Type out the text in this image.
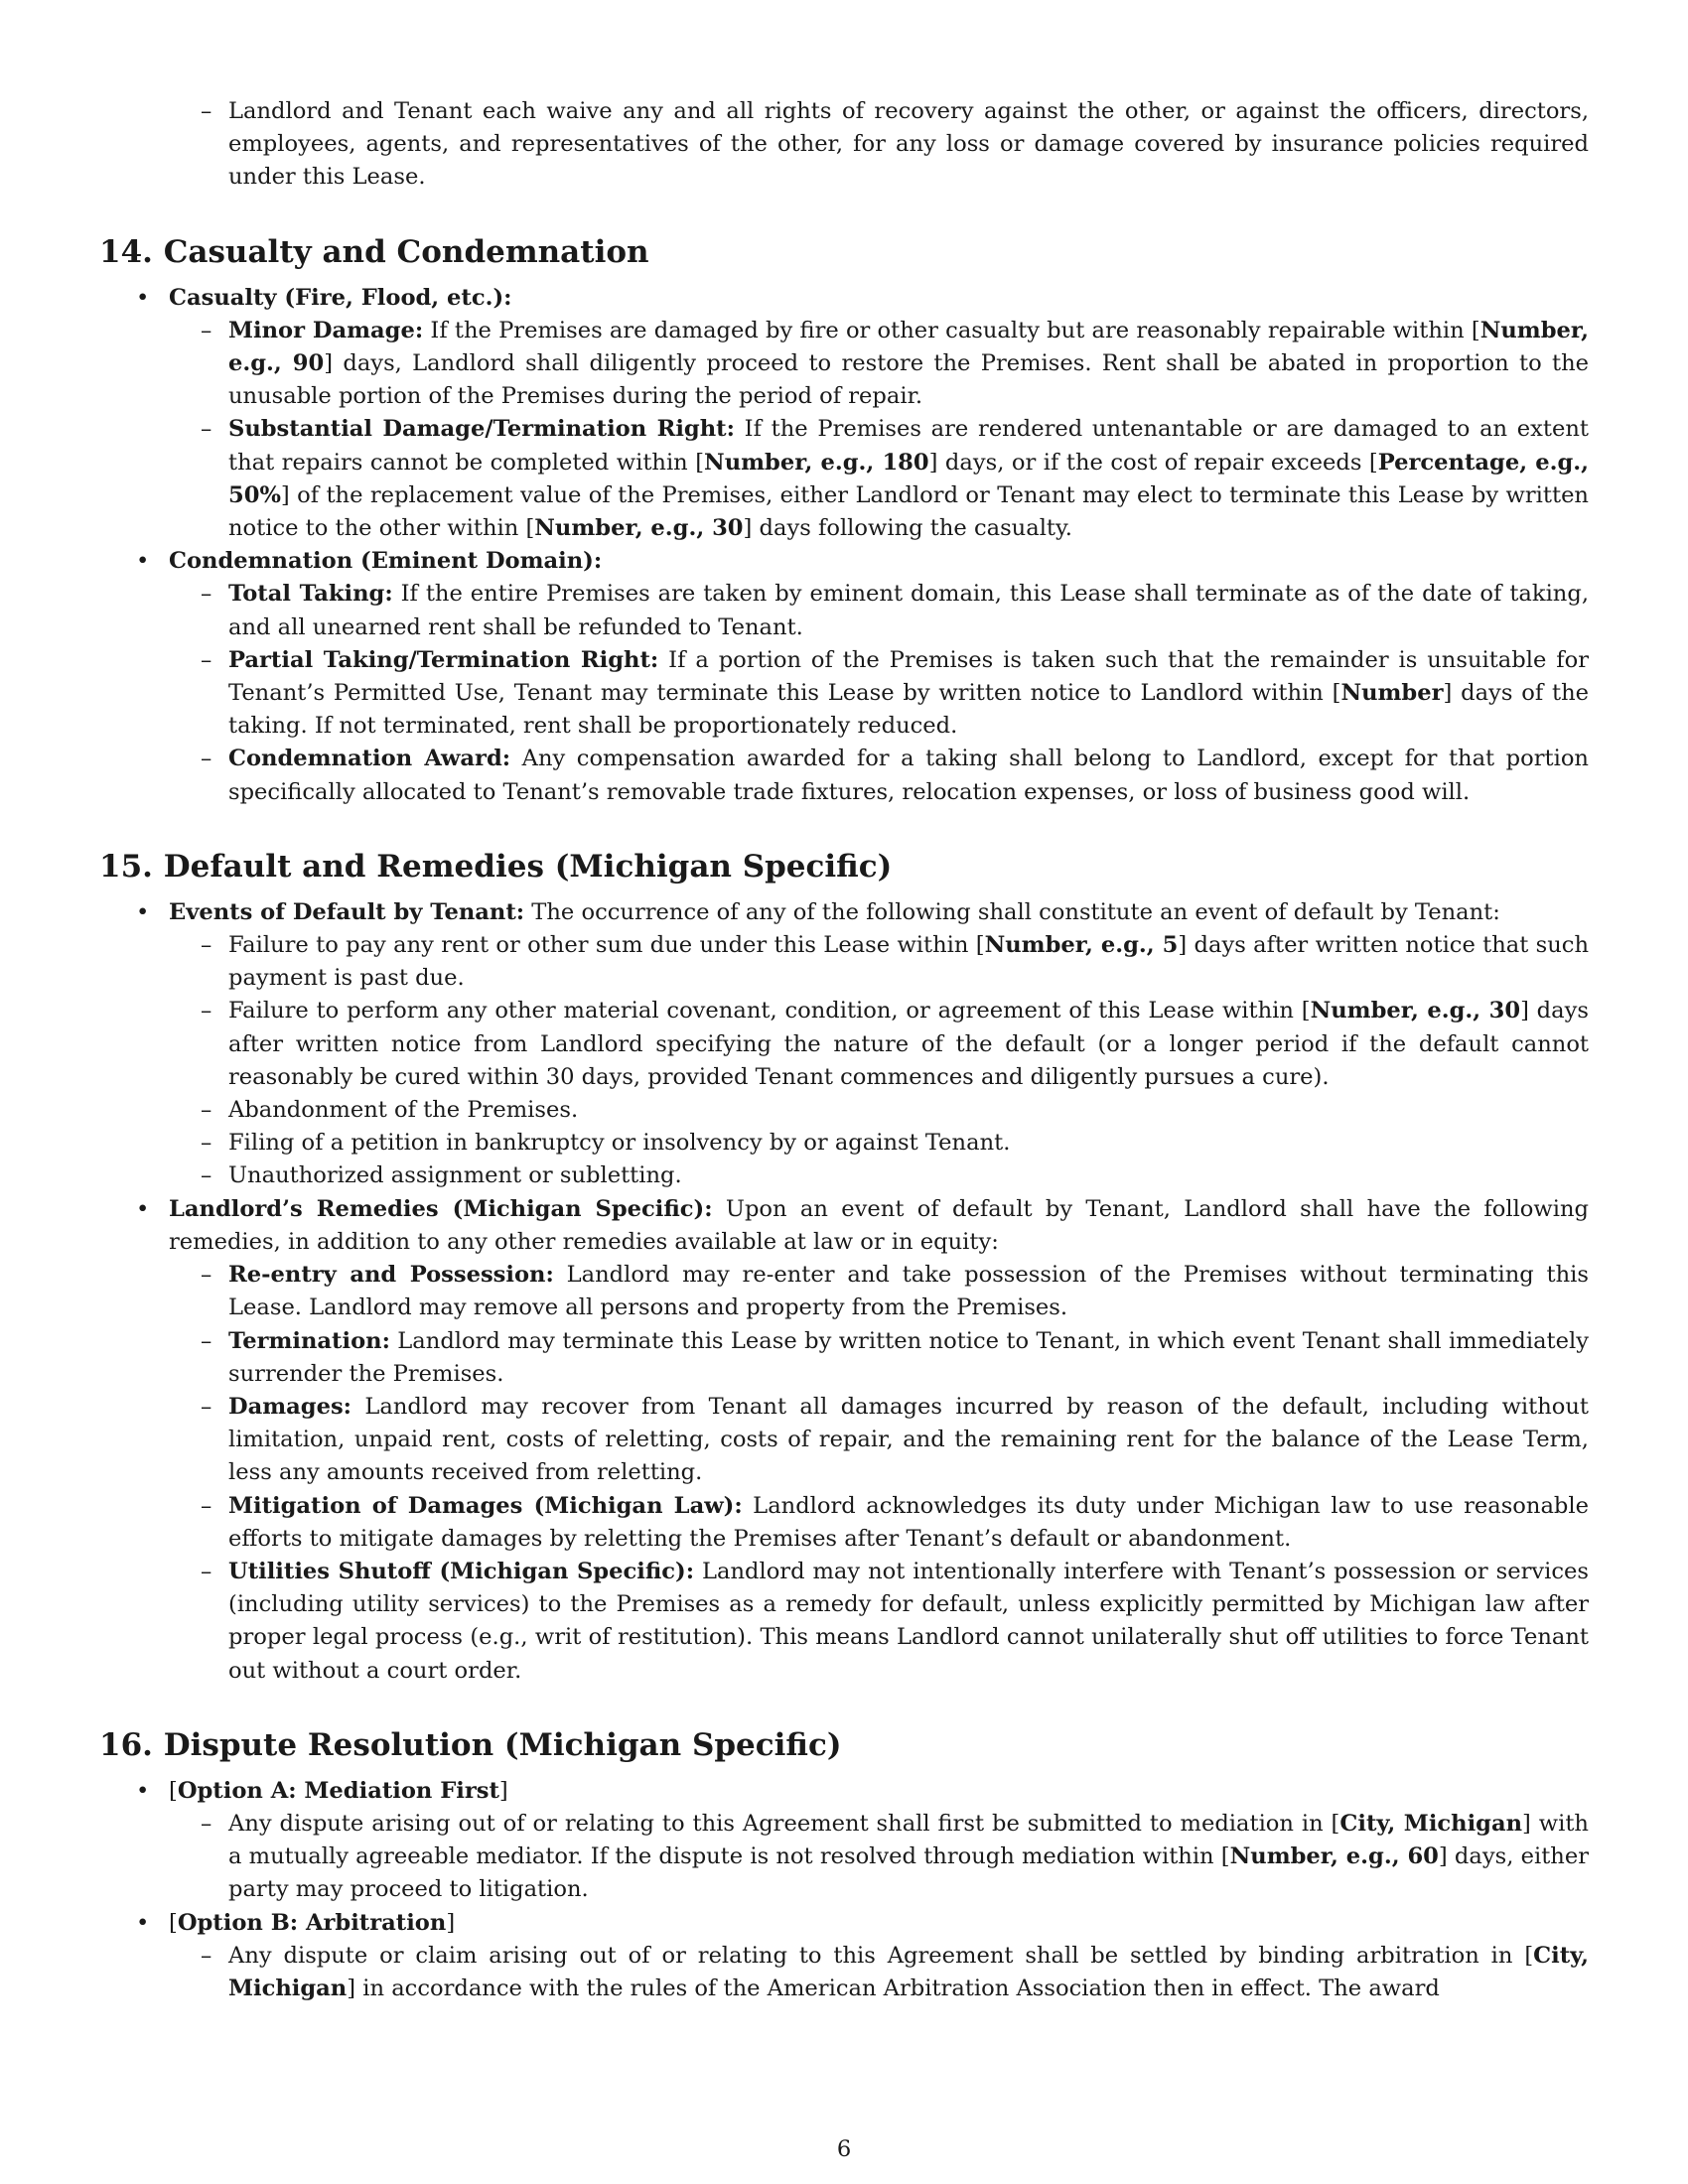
– Landlord and Tenant each waive any and all rights of recovery against the other, or against the officers, directors, employees, agents, and representatives of the other, for any loss or damage covered by insurance policies required under this Lease.
14. Casualty and Condemnation
• Casualty (Fire, Flood, etc.):
– Minor Damage: If the Premises are damaged by fire or other casualty but are reasonably repairable within [Number, e.g., 90] days, Landlord shall diligently proceed to restore the Premises. Rent shall be abated in proportion to the unusable portion of the Premises during the period of repair.
– Substantial Damage/Termination Right: If the Premises are rendered untenantable or are damaged to an extent that repairs cannot be completed within [Number, e.g., 180] days, or if the cost of repair exceeds [Percentage, e.g., 50%] of the replacement value of the Premises, either Landlord or Tenant may elect to terminate this Lease by written notice to the other within [Number, e.g., 30] days following the casualty.
• Condemnation (Eminent Domain):
– Total Taking: If the entire Premises are taken by eminent domain, this Lease shall terminate as of the date of taking, and all unearned rent shall be refunded to Tenant.
– Partial Taking/Termination Right: If a portion of the Premises is taken such that the remainder is unsuitable for Tenant’s Permitted Use, Tenant may terminate this Lease by written notice to Landlord within [Number] days of the taking. If not terminated, rent shall be proportionately reduced.
– Condemnation Award: Any compensation awarded for a taking shall belong to Landlord, except for that portion specifically allocated to Tenant’s removable trade fixtures, relocation expenses, or loss of business good will.
15. Default and Remedies (Michigan Specific)
• Events of Default by Tenant: The occurrence of any of the following shall constitute an event of default by Tenant:
– Failure to pay any rent or other sum due under this Lease within [Number, e.g., 5] days after written notice that such payment is past due.
– Failure to perform any other material covenant, condition, or agreement of this Lease within [Number, e.g., 30] days after written notice from Landlord specifying the nature of the default (or a longer period if the default cannot reasonably be cured within 30 days, provided Tenant commences and diligently pursues a cure).
– Abandonment of the Premises.
– Filing of a petition in bankruptcy or insolvency by or against Tenant.
– Unauthorized assignment or subletting.
• Landlord’s Remedies (Michigan Specific): Upon an event of default by Tenant, Landlord shall have the following remedies, in addition to any other remedies available at law or in equity:
– Re-entry and Possession: Landlord may re-enter and take possession of the Premises without terminating this Lease. Landlord may remove all persons and property from the Premises.
– Termination: Landlord may terminate this Lease by written notice to Tenant, in which event Tenant shall immediately surrender the Premises.
– Damages: Landlord may recover from Tenant all damages incurred by reason of the default, including without limitation, unpaid rent, costs of reletting, costs of repair, and the remaining rent for the balance of the Lease Term, less any amounts received from reletting.
– Mitigation of Damages (Michigan Law): Landlord acknowledges its duty under Michigan law to use reasonable efforts to mitigate damages by reletting the Premises after Tenant’s default or abandonment.
– Utilities Shutoff (Michigan Specific): Landlord may not intentionally interfere with Tenant’s possession or services (including utility services) to the Premises as a remedy for default, unless explicitly permitted by Michigan law after proper legal process (e.g., writ of restitution). This means Landlord cannot unilaterally shut off utilities to force Tenant out without a court order.
16. Dispute Resolution (Michigan Specific)
• [Option A: Mediation First]
– Any dispute arising out of or relating to this Agreement shall first be submitted to mediation in [City, Michigan] with a mutually agreeable mediator. If the dispute is not resolved through mediation within [Number, e.g., 60] days, either party may proceed to litigation.
• [Option B: Arbitration]
– Any dispute or claim arising out of or relating to this Agreement shall be settled by binding arbitration in [City, Michigan] in accordance with the rules of the American Arbitration Association then in effect. The award
6
